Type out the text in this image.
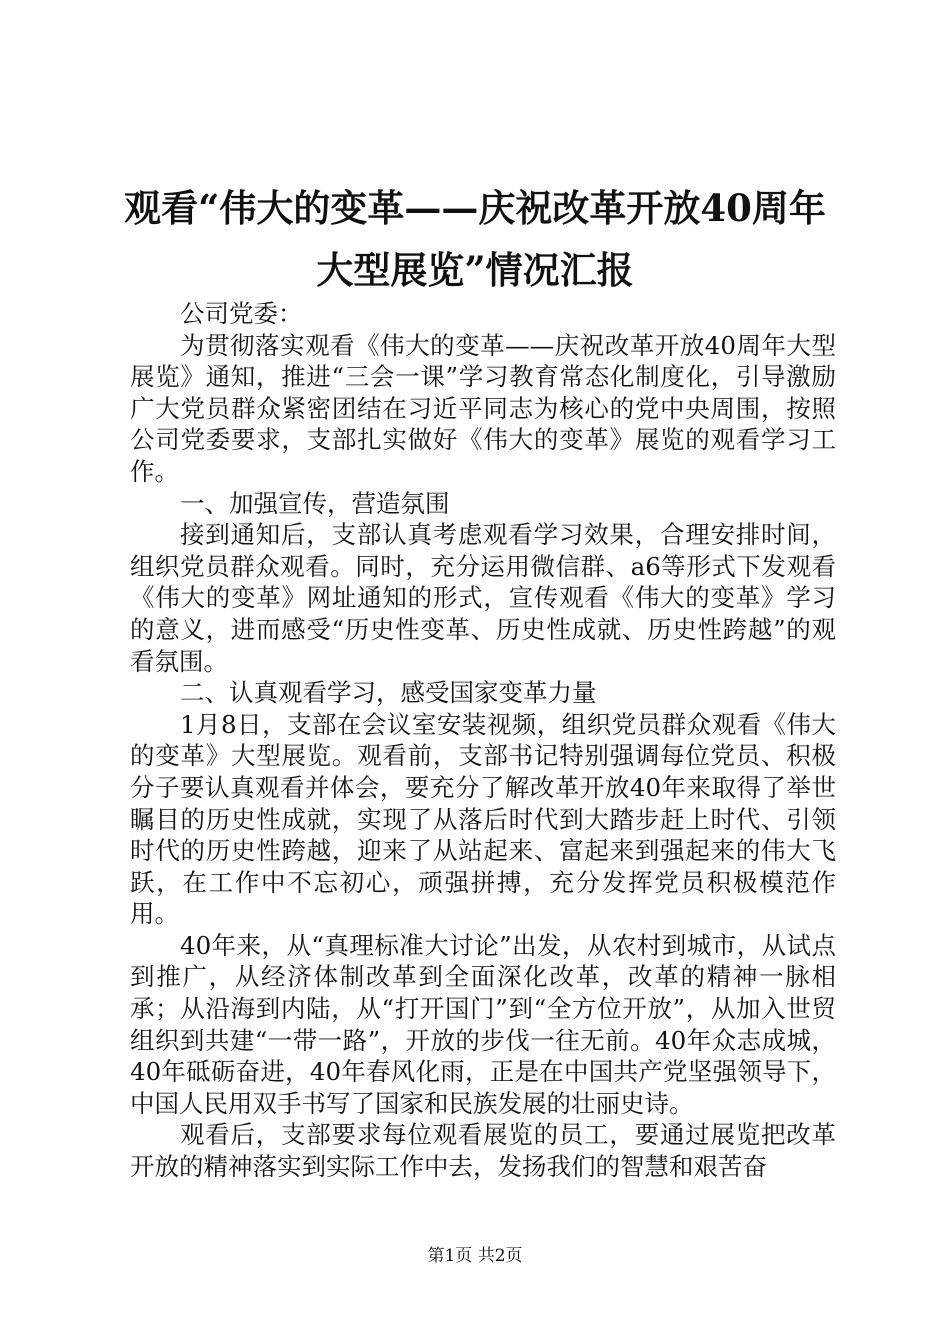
观看“伟大的变革——庆祝改革开放40周年
大型展览”情况汇报

公司党委：

为贯彻落实观看《伟大的变革——庆祝改革开放40周年大型展览》通知，推进“三会一课”学习教育常态化制度化，引导激励广大党员群众紧密团结在习近平同志为核心的党中央周围，按照公司党委要求，支部扎实做好《伟大的变革》展览的观看学习工作。

一、加强宣传，营造氛围

接到通知后，支部认真考虑观看学习效果，合理安排时间，组织党员群众观看。同时，充分运用微信群、a6等形式下发观看《伟大的变革》网址通知的形式，宣传观看《伟大的变革》学习的意义，进而感受“历史性变革、历史性成就、历史性跨越”的观看氛围。

二、认真观看学习，感受国家变革力量

1月8日，支部在会议室安装视频，组织党员群众观看《伟大的变革》大型展览。观看前，支部书记特别强调每位党员、积极分子要认真观看并体会，要充分了解改革开放40年来取得了举世瞩目的历史性成就，实现了从落后时代到大踏步赶上时代、引领时代的历史性跨越，迎来了从站起来、富起来到强起来的伟大飞跃，在工作中不忘初心，顽强拼搏，充分发挥党员积极模范作用。

40年来，从“真理标准大讨论”出发，从农村到城市，从试点到推广，从经济体制改革到全面深化改革，改革的精神一脉相承；从沿海到内陆，从“打开国门”到“全方位开放”，从加入世贸组织到共建“一带一路”，开放的步伐一往无前。40年众志成城，40年砥砺奋进，40年春风化雨，正是在中国共产党坚强领导下，中国人民用双手书写了国家和民族发展的壮丽史诗。

观看后，支部要求每位观看展览的员工，要通过展览把改革开放的精神落实到实际工作中去，发扬我们的智慧和艰苦奋

第1页 共2页
